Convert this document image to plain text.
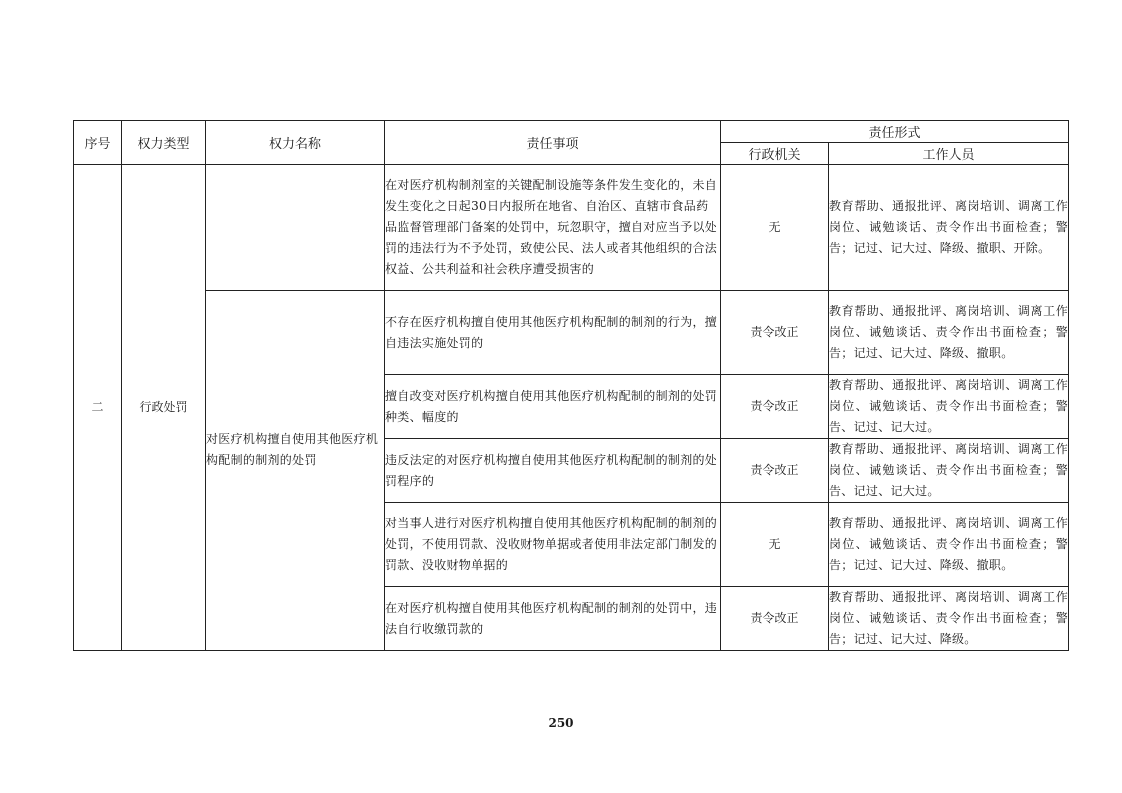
序号	权力类型	权力名称	责任事项	责任形式	
				行政机关	工作人员
二	行政处罚		在对医疗机构制剂室的关键配制设施等条件发生变化的，未自发生变化之日起30日内报所在地省、自治区、直辖市食品药品监督管理部门备案的处罚中，玩忽职守，擅自对应当予以处罚的违法行为不予处罚，致使公民、法人或者其他组织的合法权益、公共利益和社会秩序遭受损害的	无	教育帮助、通报批评、离岗培训、调离工作岗位、诫勉谈话、责令作出书面检查；警告；记过、记大过、降级、撤职、开除。
		对医疗机构擅自使用其他医疗机构配制的制剂的处罚	不存在医疗机构擅自使用其他医疗机构配制的制剂的行为，擅自违法实施处罚的	责令改正	教育帮助、通报批评、离岗培训、调离工作岗位、诫勉谈话、责令作出书面检查；警告；记过、记大过、降级、撤职。
			擅自改变对医疗机构擅自使用其他医疗机构配制的制剂的处罚种类、幅度的	责令改正	教育帮助、通报批评、离岗培训、调离工作岗位、诫勉谈话、责令作出书面检查；警告、记过、记大过。
			违反法定的对医疗机构擅自使用其他医疗机构配制的制剂的处罚程序的	责令改正	教育帮助、通报批评、离岗培训、调离工作岗位、诫勉谈话、责令作出书面检查；警告、记过、记大过。
			对当事人进行对医疗机构擅自使用其他医疗机构配制的制剂的处罚，不使用罚款、没收财物单据或者使用非法定部门制发的罚款、没收财物单据的	无	教育帮助、通报批评、离岗培训、调离工作岗位、诫勉谈话、责令作出书面检查；警告；记过、记大过、降级、撤职。
			在对医疗机构擅自使用其他医疗机构配制的制剂的处罚中，违法自行收缴罚款的	责令改正	教育帮助、通报批评、离岗培训、调离工作岗位、诫勉谈话、责令作出书面检查；警告；记过、记大过、降级。
250
